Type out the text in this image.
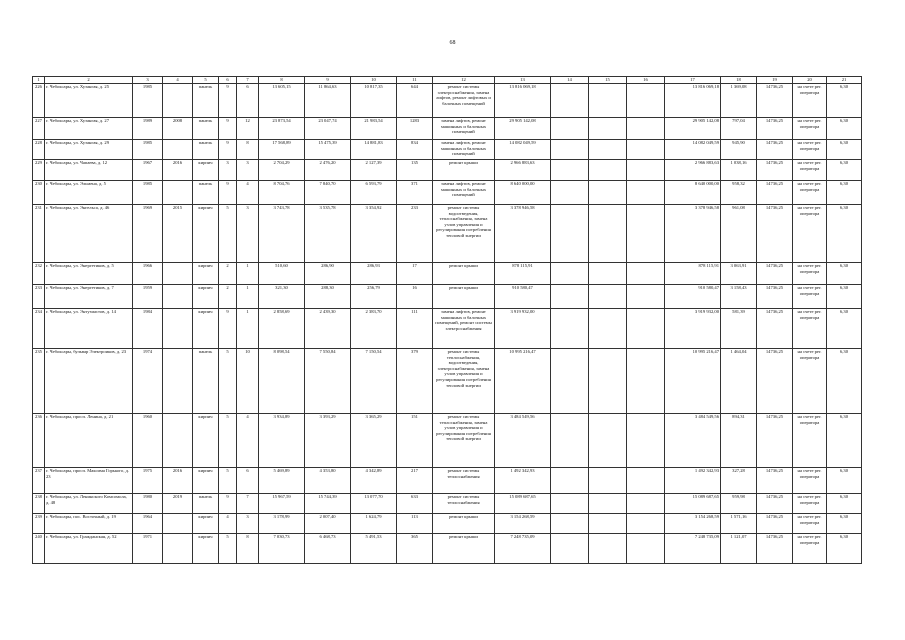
68
1	2	3	4	5	6	7	8	9	10	11	12	13	14	15	16	17	18	19	20	21
226	г. Чебоксары, ул. Хузангая, д. 25	1985		панель	9	6	13 605,15	11 864,63	10 817,35	644	ремонт системы электроснабжения, замена лифтов, ремонт лифтовых и балочных помещений	13 816 069,18				13 816 069,18	1 369,08	14736,25	на счете рег. оператора	6,30
227	г. Чебоксары, ул. Хузангая, д. 27	1989	2008	панель	9	12	23 873,54	23 047,74	21 983,54	1283	замена лифтов, ремонт машинных и балочных помещений	29 905 142,08				29 905 142,08	797,04	14736,25	на счете рег. оператора	6,30
228	г. Чебоксары, ул. Хузангая, д. 29	1985		панель	9	8	17 568,89	15 475,39	14 881,83	834	замена лифтов, ремонт машинных и балочных помещений	14 082 049,59				14 082 049,59	945,90	14736,25	на счете рег. оператора	6,30
229	г. Чебоксары, ул. Чапаева, д. 12	1967	2016	кирпич	3	3	2 704,29	2 476,20	2 127,39	135	ремонт крыши	2 966 883,63				2 966 883,63	1 038,16	14736,25	на счете рег. оператора	6,30
230	г. Чебоксары, ул. Эльмена, д. 5	1985		панель	9	4	8 704,76	7 840,70	6 593,79	371	замена лифтов, ремонт машинных и балочных помещений	8 640 000,00				8 640 000,00	958,32	14736,25	на счете рег. оператора	6,30
231	г. Чебоксары, ул. Энгельса, д. 46	1969	2015	кирпич	5	3	3 743,78	3 535,78	3 354,92	233	ремонт системы водоотведения, теплоснабжения, замена узлов управления и регулирования потребления тепловой энергии	3 378 946,58				3 378 946,58	961,08	14736,25	на счете рег. оператора	6,30
232	г. Чебоксары, ул. Энергетиков, д. 5	1966		кирпич	2	1	510,60	286,90	286,93	17	ремонт крыши	878 115,91				878 115,91	3 063,91	14736,25	на счете рег. оператора	6,30
233	г. Чебоксары, ул. Энергетиков, д. 7	1959		кирпич	2	1	321,30	288,30	256,79	16	ремонт крыши	910 580,47				910 580,47	3 158,43	14736,25	на счете рег. оператора	6,30
234	г. Чебоксары, ул. Энтузиастов, д. 14	1984		кирпич	9	1	2 858,69	2 439,30	2 383,70	111	замена лифтов, ремонт машинных и балочных помещений, ремонт системы электроснабжения	3 919 932,00				3 919 932,00	581,39	14736,25	на счете рег. оператора	6,30
235	г. Чебоксары, бульвар Электроиков, д. 23	1974		панель	5	10	8 098,54	7 550,84	7 150,54	379	ремонт системы теплоснабжения, водоотведения, электроснабжения, замена узлов управления и регулирования потребления тепловой энергии	10 995 216,47				10 995 216,47	1 464,04	14736,25	на счете рег. оператора	6,30
236	г. Чебоксары, просп. Ленина, д. 21	1960		кирпич	5	4	3 934,89	3 393,29	3 365,29	151	ремонт системы теплоснабжения, замена узлов управления и регулирования потребления тепловой энергии	3 484 549,56				3 484 549,56	894,31	14736,25	на счете рег. оператора	6,30
237	г. Чебоксары, просп. Максима Горького, д. 23	1975	2016	кирпич	5	6	5 469,89	4 353,80	4 342,89	217	ремонт системы теплоснабжения	1 492 342,93				1 492 342,93	327,28	14736,25	на счете рег. оператора	6,30
238	г. Чебоксары, ул. Ленинского Комсомола, д. 48	1980	2019	панель	9	7	15 967,59	15 744,39	13 077,70	633	ремонт системы теплоснабжения	15 089 687,65				15 089 687,65	959,98	14736,25	на счете рег. оператора	6,30
239	г. Чебоксары, пос. Восточный, д. 19	1964		кирпич	4	3	3 178,99	2 007,40	1 624,79	113	ремонт крыши	3 154 268,59				3 154 268,59	1 571,16	14736,25	на счете рег. оператора	6,30
240	г. Чебоксары, ул. Гражданская, д. 52	1971		кирпич	5	8	7 030,73	6 468,73	5 491,53	365	ремонт крыши	7 248 735,09				7 248 735,09	1 121,07	14736,25	на счете рег. оператора	6,30
